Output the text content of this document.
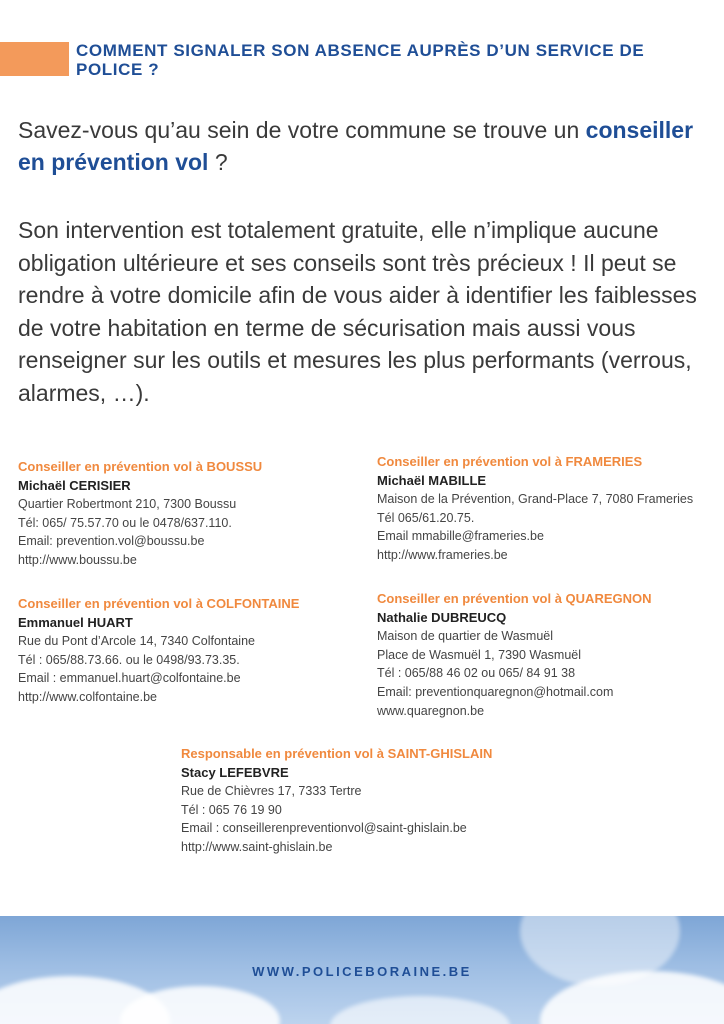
COMMENT SIGNALER SON ABSENCE AUPRÈS D’UN SERVICE DE POLICE ?
Savez-vous qu’au sein de votre commune se trouve un conseiller en prévention vol ?
Son intervention est totalement gratuite, elle n’implique aucune obligation ultérieure et ses conseils sont très précieux ! Il peut se rendre à votre domicile afin de vous aider à identifier les faiblesses de votre habitation en terme de sécurisation mais aussi vous renseigner sur les outils et mesures les plus performants (verrous, alarmes, …).
Conseiller en prévention vol à BOUSSU
Michaël CERISIER
Quartier Robertmont 210, 7300 Boussu
Tél: 065/ 75.57.70 ou le 0478/637.110.
Email: prevention.vol@boussu.be
http://www.boussu.be
Conseiller en prévention vol à FRAMERIES
Michaël MABILLE
Maison de la Prévention, Grand-Place 7, 7080 Frameries
Tél 065/61.20.75.
Email mmabille@frameries.be
http://www.frameries.be
Conseiller en prévention vol à COLFONTAINE
Emmanuel HUART
Rue du Pont d’Arcole 14, 7340 Colfontaine
Tél : 065/88.73.66. ou le 0498/93.73.35.
Email : emmanuel.huart@colfontaine.be
http://www.colfontaine.be
Conseiller en prévention vol à QUAREGNON
Nathalie DUBREUCQ
Maison de quartier de Wasmuël
Place de Wasmuël 1, 7390 Wasmuël
Tél : 065/88 46 02 ou 065/ 84 91 38
Email: preventionquaregnon@hotmail.com
www.quaregnon.be
Responsable en prévention vol à SAINT-GHISLAIN
Stacy LEFEBVRE
Rue de Chièvres 17, 7333 Tertre
Tél : 065 76 19 90
Email : conseillerenpreventionvol@saint-ghislain.be
http://www.saint-ghislain.be
WWW.POLICEBORAINE.BE
